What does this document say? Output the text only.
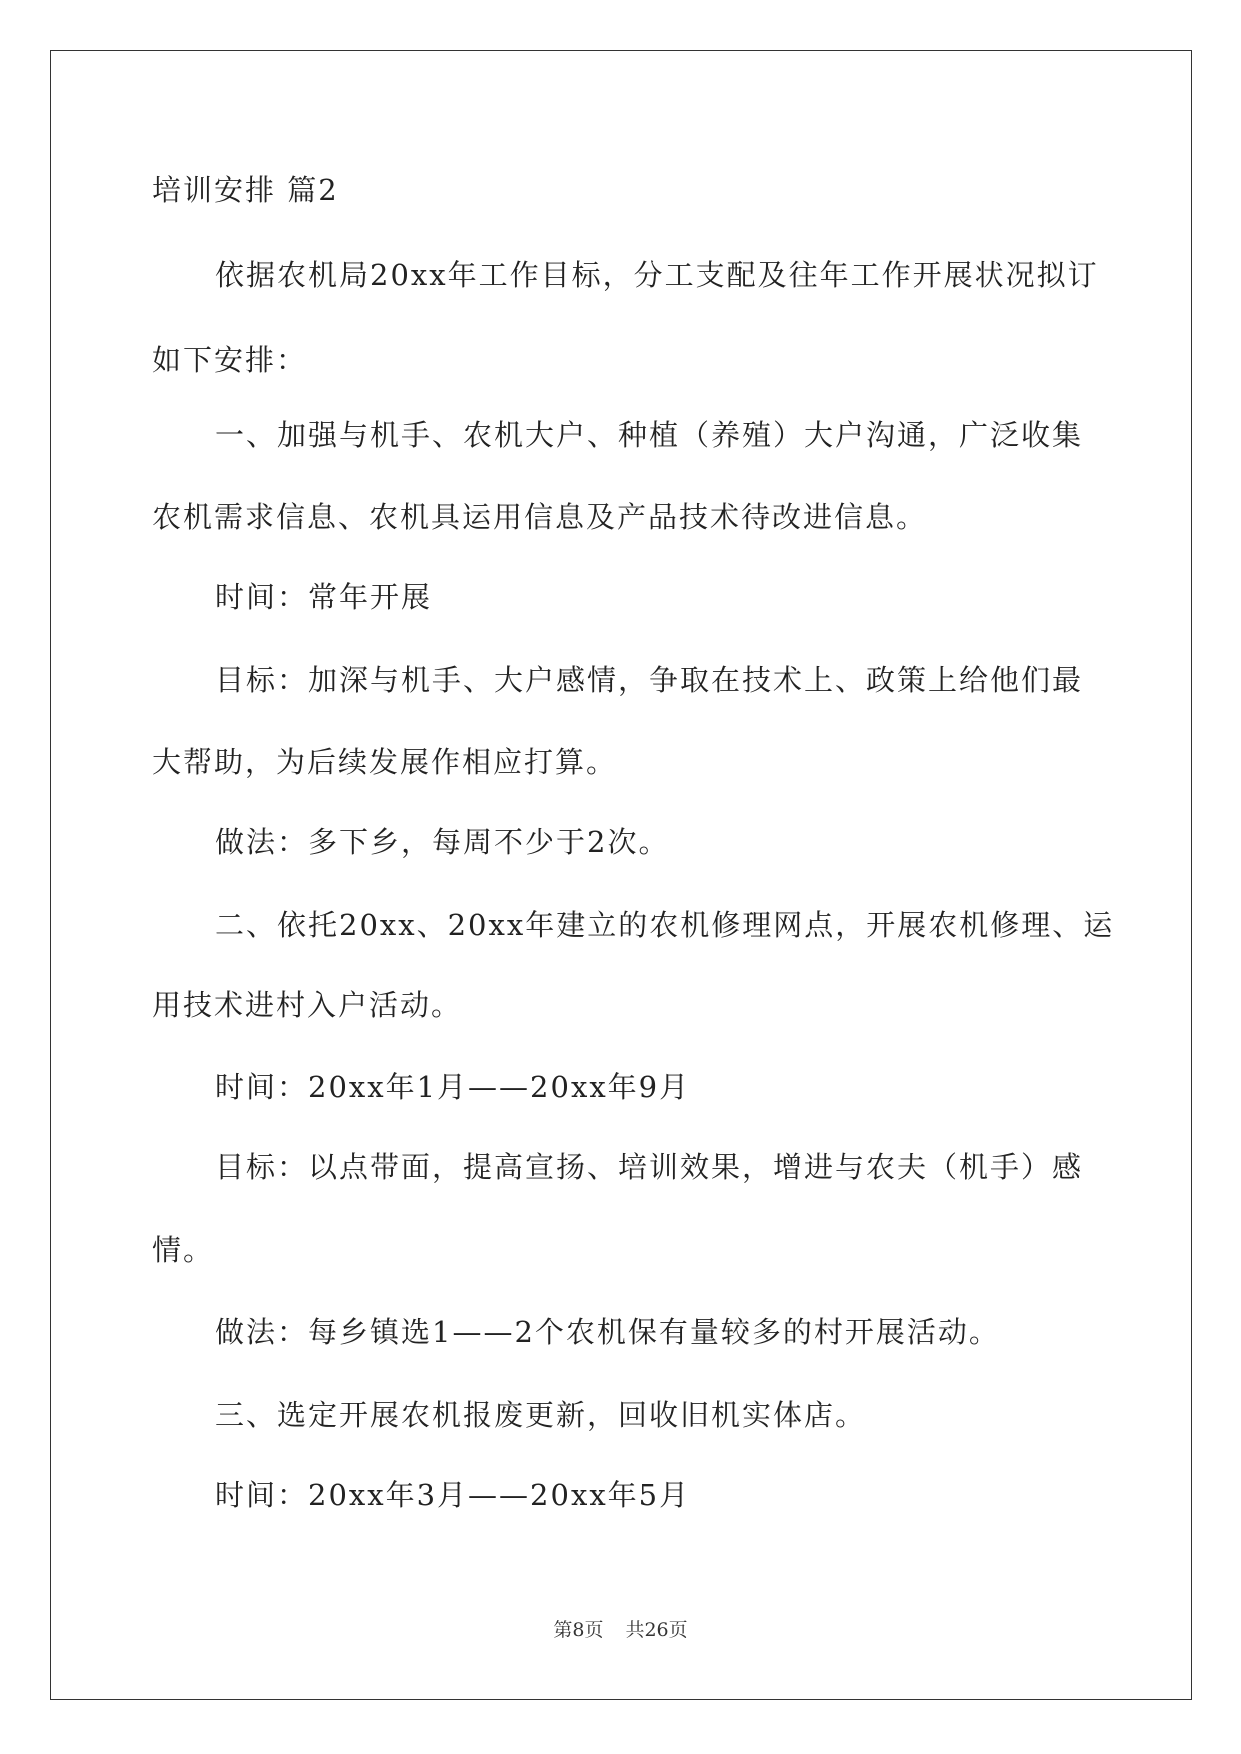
培训安排 篇2
依据农机局20xx年工作目标，分工支配及往年工作开展状况拟订
如下安排：
一、加强与机手、农机大户、种植（养殖）大户沟通，广泛收集
农机需求信息、农机具运用信息及产品技术待改进信息。
时间：常年开展
目标：加深与机手、大户感情，争取在技术上、政策上给他们最
大帮助，为后续发展作相应打算。
做法：多下乡，每周不少于2次。
二、依托20xx、20xx年建立的农机修理网点，开展农机修理、运
用技术进村入户活动。
时间：20xx年1月——20xx年9月
目标：以点带面，提高宣扬、培训效果，增进与农夫（机手）感
情。
做法：每乡镇选1——2个农机保有量较多的村开展活动。
三、选定开展农机报废更新，回收旧机实体店。
时间：20xx年3月——20xx年5月
第8页 共26页
